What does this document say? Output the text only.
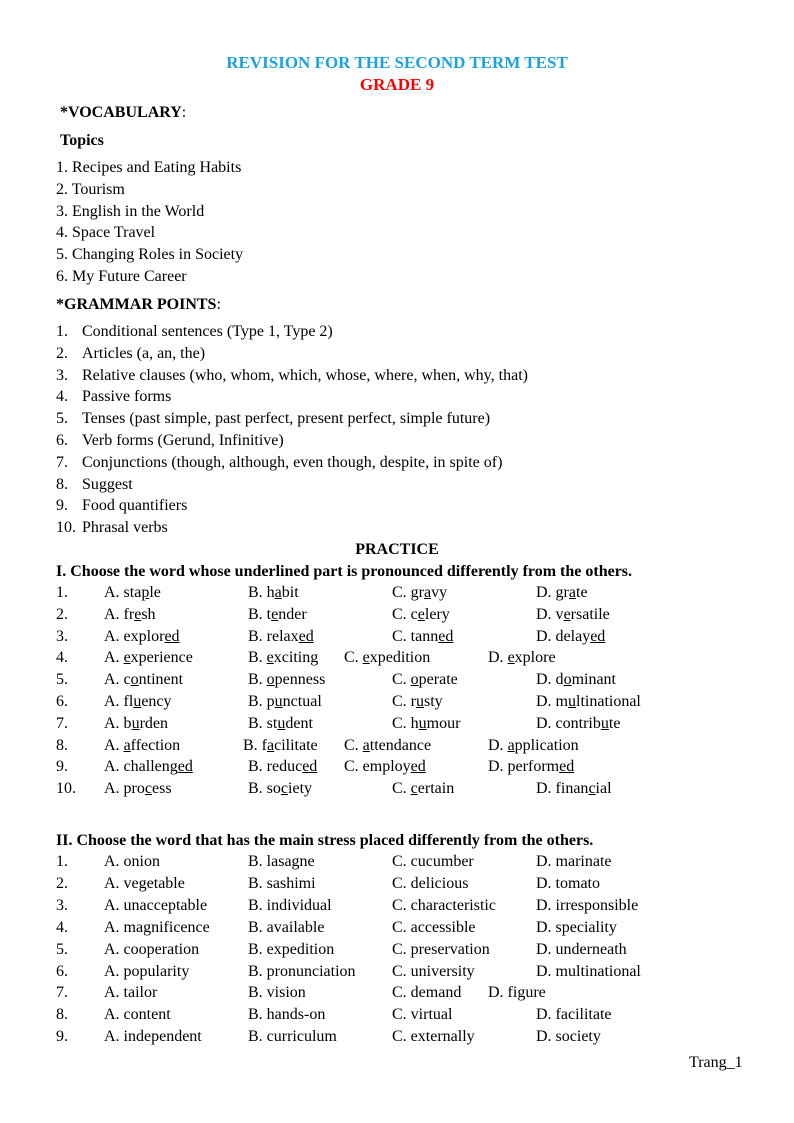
REVISION FOR THE SECOND TERM TEST
GRADE 9
*VOCABULARY:
Topics
1. Recipes and Eating Habits
2. Tourism
3. English in the World
4. Space Travel
5. Changing Roles in Society
6. My Future Career
*GRAMMAR POINTS:
1. Conditional sentences (Type 1, Type 2)
2. Articles (a, an, the)
3. Relative clauses (who, whom, which, whose, where, when, why, that)
4. Passive forms
5. Tenses (past simple, past perfect, present perfect, simple future)
6. Verb forms (Gerund, Infinitive)
7. Conjunctions (though, although, even though, despite, in spite of)
8. Suggest
9. Food quantifiers
10. Phrasal verbs
PRACTICE
I. Choose the word whose underlined part is pronounced differently from the others.
1. A. staple	B. habit	C. gravy	D. grate
2. A. fresh	B. tender	C. celery	D. versatile
3. A. explored	B. relaxed	C. tanned	D. delayed
4. A. experience	B. exciting C. expedition	D. explore
5. A. continent	B. openness	C. operate	D. dominant
6. A. fluency	B. punctual	C. rusty	D. multinational
7. A. burden	B. student	C. humour	D. contribute
8. A. affection	B. facilitate C. attendance	D. application
9. A. challenged	B. reduced C. employed	D. performed
10. A. process	B. society	C. certain	D. financial
II. Choose the word that has the main stress placed differently from the others.
1. A. onion	B. lasagne	C. cucumber	D. marinate
2. A. vegetable	B. sashimi	C. delicious	D. tomato
3. A. unacceptable	B. individual	C. characteristic	D. irresponsible
4. A. magnificence B. available	C. accessible	D. speciality
5. A. cooperation	B. expedition	C. preservation	D. underneath
6. A. popularity	B. pronunciation C. university	D. multinational
7. A. tailor	B. vision	C. demand D. figure
8. A. content	B. hands-on	C. virtual	D. facilitate
9. A. independent	B. curriculum	C. externally	D. society
Trang_1
